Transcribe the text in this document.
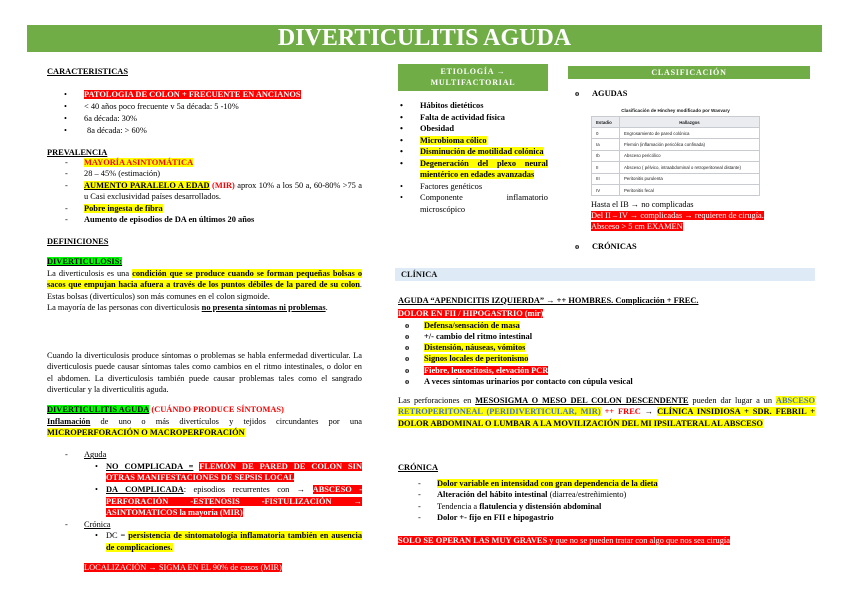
DIVERTICULITIS AGUDA
CARACTERISTICAS
• PATOLOGIA DE COLON + FRECUENTE EN ANCIANOS
• < 40 años poco frecuente v 5a década: 5 -10%
• 6a década: 30%
• 8a década: > 60%
PREVALENCIA
- MAYORÍA ASINTOMÁTICA
- 28 – 45% (estimación)
- AUMENTO PARALELO A EDAD (MIR) aprox 10% a los 50 a, 60-80% >75 a u Casi exclusividad países desarrollados.
- Pobre ingesta de fibra
- Aumento de episodios de DA en últimos 20 años
DEFINICIONES
DIVERTICULOSIS:

La diverticulosis es una condición que se produce cuando se forman pequeñas bolsas o sacos que empujan hacia afuera a través de los puntos débiles de la pared de su colon. Estas bolsas (divertículos) son más comunes en el colon sigmoide.

La mayoría de las personas con diverticulosis no presenta síntomas ni problemas.

Cuando la diverticulosis produce síntomas o problemas se habla enfermedad diverticular. La diverticulosis puede causar síntomas tales como cambios en el ritmo intestinales, o dolor en el abdomen. La diverticulosis también puede causar problemas tales como el sangrado diverticular y la diverticulitis aguda.
DIVERTICULITIS AGUDA (CUÁNDO PRODUCE SÍNTOMAS)

Inflamación de uno o más divertículos y tejidos circundantes por una MICROPERFORACIÓN O MACROPERFORACIÓN

- Aguda
• NO COMPLICADA = FLEMÓN DE PARED DE COLON SIN OTRAS MANIFESTACIONES DE SEPSIS LOCAL
• DA COMPLICADA: episodios recurrentes con → ABSCESO - PERFORACIÓN -ESTENOSIS -FISTULIZACIÓN → ASINTOMATICOS la mayoría (MIR)
- Crónica
• DC = persistencia de sintomatología inflamatoria también en ausencia de complicaciones.
LOCALIZACIÓN → SIGMA EN EL 90% de casos (MIR)
ETIOLOGÍA →
MULTIFACTORIAL
• Hábitos dietéticos
• Falta de actividad física
• Obesidad
• Microbioma cólico
• Disminución de motilidad colónica
• Degeneración del plexo neural mientérico en edades avanzadas
• Factores genéticos
• Componente inflamatorio microscópico
CLASIFICACIÓN
o AGUDAS
Clasificación de Hinchey modificado por Wasvary
Estadio	Hallazgos
0	Engrosamiento de pared colónica
Ia	Flemón (inflamación pericólica confinada)
Ib	Absceso pericólico
II	Absceso ( pélvico, intraabdominal o retroperitoneal distante)
III	Peritonitis purulenta
IV	Peritonitis fecal
Hasta el IB → no complicadas
Del II – IV → complicadas → requieren de cirugía.
Absceso > 5 cm EXAMEN
o CRÓNICAS
CLÍNICA
AGUDA “APENDICITIS IZQUIERDA” → ++ HOMBRES. Complicación + FREC.
DOLOR EN FII / HIPOGASTRIO (mir)
o Defensa/sensación de masa
o +/- cambio del ritmo intestinal
o Distensión, náuseas, vómitos
o Signos locales de peritonismo
o Fiebre, leucocitosis, elevación PCR
o A veces síntomas urinarios por contacto con cúpula vesical

Las perforaciones en MESOSIGMA O MESO DEL COLON DESCENDENTE pueden dar lugar a un ABSCESO RETROPERITONEAL (PERIDIVERTICULAR, MIR) ++ FREC → CLÍNICA INSIDIOSA + SDR. FEBRIL + DOLOR ABDOMINAL O LUMBAR A LA MOVILIZACIÓN DEL MI IPSILATERAL AL ABSCESO

CRÓNICA
- Dolor variable en intensidad con gran dependencia de la dieta
- Alteración del hábito intestinal (diarrea/estreñimiento)
- Tendencia a flatulencia y distensión abdominal
- Dolor +- fijo en FII e hipogastrio
SOLO SE OPERAN LAS MUY GRAVES y que no se pueden tratar con algo que nos sea cirugía
